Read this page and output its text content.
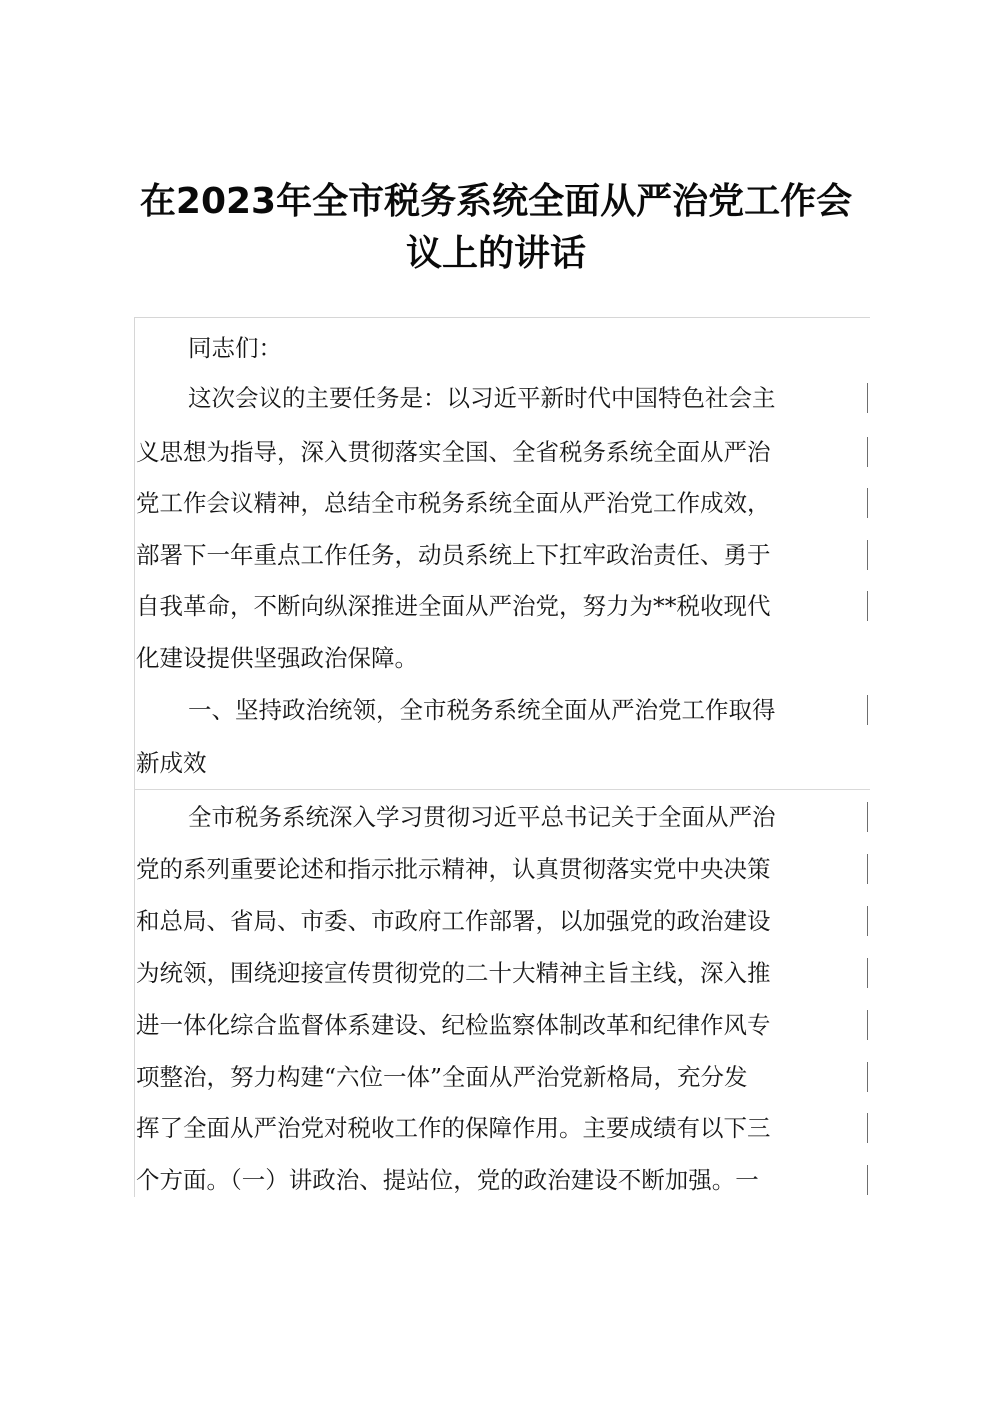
在2023年全市税务系统全面从严治党工作会
议上的讲话
同志们：
这次会议的主要任务是：以习近平新时代中国特色社会主
义思想为指导，深入贯彻落实全国、全省税务系统全面从严治
党工作会议精神，总结全市税务系统全面从严治党工作成效，
部署下一年重点工作任务，动员系统上下扛牢政治责任、勇于
自我革命，不断向纵深推进全面从严治党，努力为**税收现代
化建设提供坚强政治保障。
一、坚持政治统领，全市税务系统全面从严治党工作取得
新成效
全市税务系统深入学习贯彻习近平总书记关于全面从严治
党的系列重要论述和指示批示精神，认真贯彻落实党中央决策
和总局、省局、市委、市政府工作部署，以加强党的政治建设
为统领，围绕迎接宣传贯彻党的二十大精神主旨主线，深入推
进一体化综合监督体系建设、纪检监察体制改革和纪律作风专
项整治，努力构建“六位一体”全面从严治党新格局，充分发
挥了全面从严治党对税收工作的保障作用。主要成绩有以下三
个方面。（一）讲政治、提站位，党的政治建设不断加强。一
